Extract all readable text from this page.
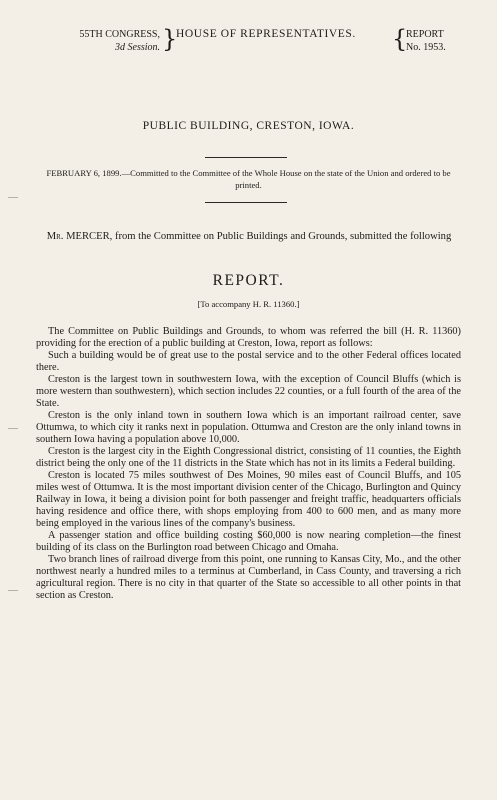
55TH CONGRESS,
3d Session. }
HOUSE OF REPRESENTATIVES. {
REPORT
No. 1953.
PUBLIC BUILDING, CRESTON, IOWA.
FEBRUARY 6, 1899.—Committed to the Committee of the Whole House on the state of the Union and ordered to be printed.
Mr. MERCER, from the Committee on Public Buildings and Grounds, submitted the following
REPORT.
[To accompany H. R. 11360.]

The Committee on Public Buildings and Grounds, to whom was referred the bill (H. R. 11360) providing for the erection of a public building at Creston, Iowa, report as follows:

Such a building would be of great use to the postal service and to the other Federal offices located there.

Creston is the largest town in southwestern Iowa, with the exception of Council Bluffs (which is more western than southwestern), which section includes 22 counties, or a full fourth of the area of the State.

Creston is the only inland town in southern Iowa which is an important railroad center, save Ottumwa, to which city it ranks next in population. Ottumwa and Creston are the only inland towns in southern Iowa having a population above 10,000.

Creston is the largest city in the Eighth Congressional district, consisting of 11 counties, the Eighth district being the only one of the 11 districts in the State which has not in its limits a Federal building.

Creston is located 75 miles southwest of Des Moines, 90 miles east of Council Bluffs, and 105 miles west of Ottumwa. It is the most important division center of the Chicago, Burlington and Quincy Railway in Iowa, it being a division point for both passenger and freight traffic, headquarters officials having residence and office there, with shops employing from 400 to 600 men, and as many more being employed in the various lines of the company's business.

A passenger station and office building costing $60,000 is now nearing completion—the finest building of its class on the Burlington road between Chicago and Omaha.

Two branch lines of railroad diverge from this point, one running to Kansas City, Mo., and the other northwest nearly a hundred miles to a terminus at Cumberland, in Cass County, and traversing a rich agricultural region. There is no city in that quarter of the State so accessible to all other points in that section as Creston.
